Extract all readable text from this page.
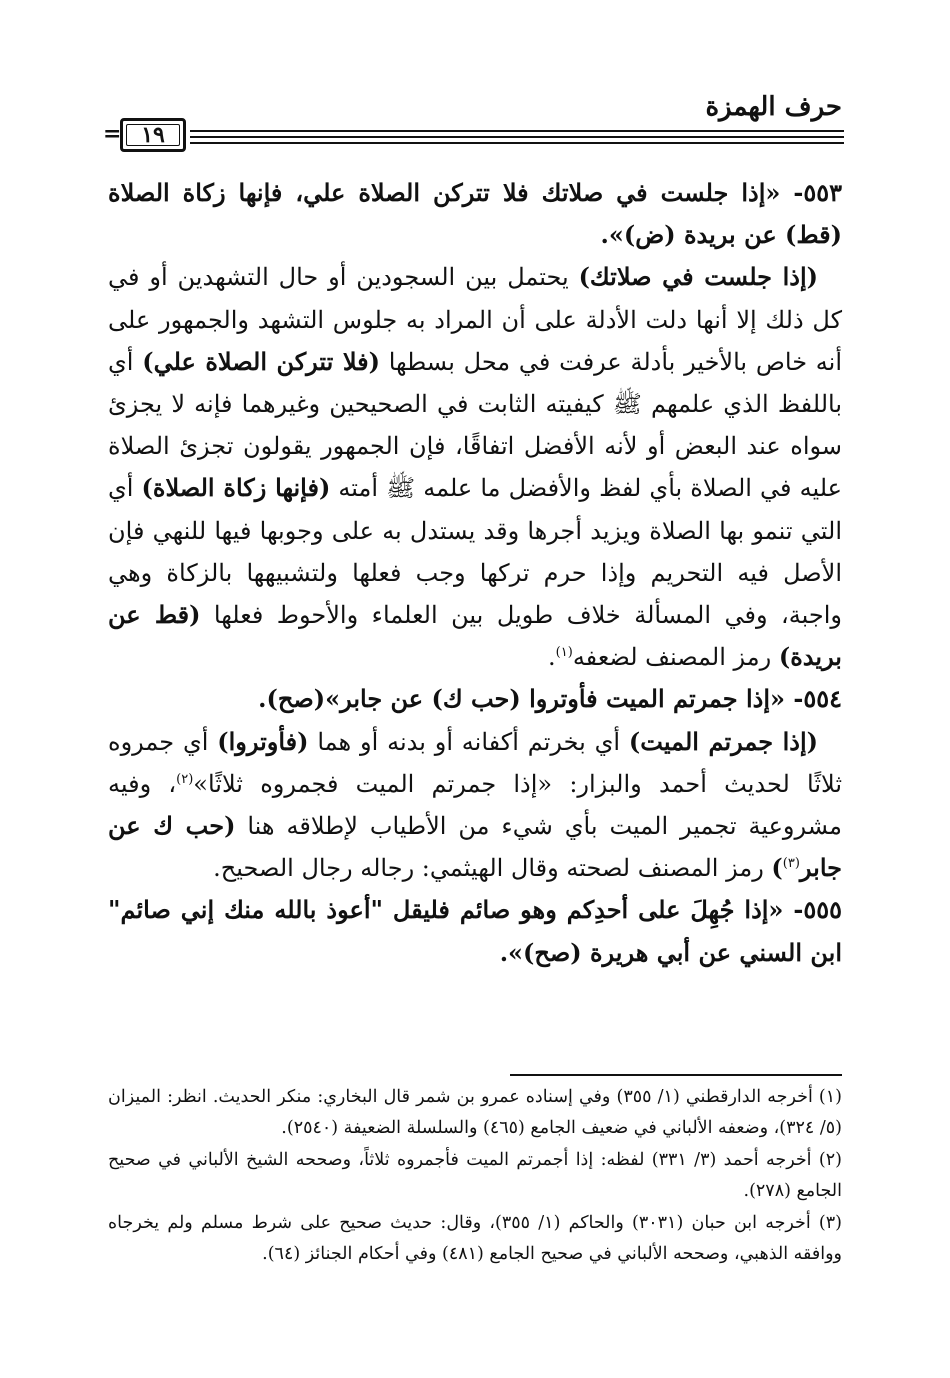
حرف الهمزة
١٩
=

٥٥٣- «إذا جلست في صلاتك فلا تتركن الصلاة علي، فإنها زكاة الصلاة (قط) عن بريدة (ض)».

(إذا جلست في صلاتك) يحتمل بين السجودين أو حال التشهدين أو في كل ذلك إلا أنها دلت الأدلة على أن المراد به جلوس التشهد والجمهور على أنه خاص بالأخير بأدلة عرفت في محل بسطها (فلا تتركن الصلاة علي) أي باللفظ الذي علمهم ﷺ كيفيته الثابت في الصحيحين وغيرهما فإنه لا يجزئ سواه عند البعض أو لأنه الأفضل اتفاقًا، فإن الجمهور يقولون تجزئ الصلاة عليه في الصلاة بأي لفظ والأفضل ما علمه ﷺ أمته (فإنها زكاة الصلاة) أي التي تنمو بها الصلاة ويزيد أجرها وقد يستدل به على وجوبها فيها للنهي فإن الأصل فيه التحريم وإذا حرم تركها وجب فعلها ولتشبيهها بالزكاة وهي واجبة، وفي المسألة خلاف طويل بين العلماء والأحوط فعلها (قط عن بريدة) رمز المصنف لضعفه$^{(١)}$.

٥٥٤- «إذا جمرتم الميت فأوتروا (حب ك) عن جابر»(صح).

(إذا جمرتم الميت) أي بخرتم أكفانه أو بدنه أو هما (فأوتروا) أي جمروه ثلاثًا لحديث أحمد والبزار: «إذا جمرتم الميت فجمروه ثلاثًا»$^{(٢)}$، وفيه مشروعية تجمير الميت بأي شيء من الأطياب لإطلاقه هنا (حب ك عن جابر$^{(٣)}$) رمز المصنف لصحته وقال الهيثمي: رجاله رجال الصحيح.

٥٥٥- «إذا جُهِلَ على أحدِكم وهو صائم فليقل "أعوذ بالله منك إني صائم" ابن السني عن أبي هريرة (صح)».

(١) أخرجه الدارقطني (١/ ٣٥٥) وفي إسناده عمرو بن شمر قال البخاري: منكر الحديث. انظر: الميزان (٥/ ٣٢٤)، وضعفه الألباني في ضعيف الجامع (٤٦٥) والسلسلة الضعيفة (٢٥٤٠).

(٢) أخرجه أحمد (٣/ ٣٣١) لفظه: إذا أجمرتم الميت فأجمروه ثلاثاً، وصححه الشيخ الألباني في صحيح الجامع (٢٧٨).

(٣) أخرجه ابن حبان (٣٠٣١) والحاكم (١/ ٣٥٥)، وقال: حديث صحيح على شرط مسلم ولم يخرجاه ووافقه الذهبي، وصححه الألباني في صحيح الجامع (٤٨١) وفي أحكام الجنائز (٦٤).
